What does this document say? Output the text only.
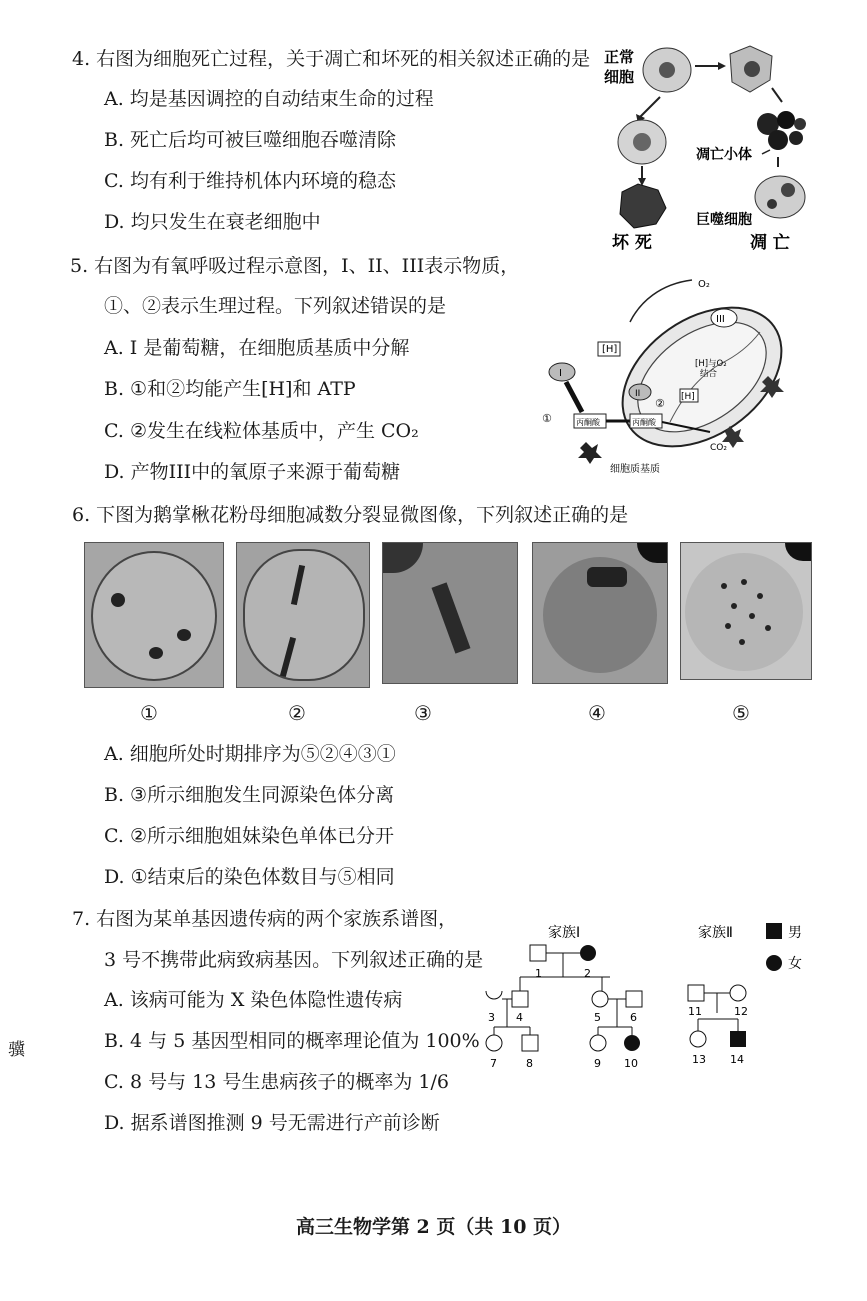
4. 右图为细胞死亡过程，关于凋亡和坏死的相关叙述正确的是
A. 均是基因调控的自动结束生命的过程
B. 死亡后均可被巨噬细胞吞噬清除
C. 均有利于维持机体内环境的稳态
D. 均只发生在衰老细胞中
正常
细胞
凋亡小体
巨噬细胞
坏 死	凋 亡
5. 右图为有氧呼吸过程示意图，I、II、III表示物质，
①、②表示生理过程。下列叙述错误的是
A. I 是葡萄糖，在细胞质基质中分解
B. ①和②均能产生[H]和 ATP
C. ②发生在线粒体基质中，产生 CO₂
D. 产物III中的氧原子来源于葡萄糖
O₂
III
[H]
[H]与O₂
结合
I
①	丙酮酸	丙酮酸
II
② [H]
CO₂
细胞质基质
6. 下图为鹅掌楸花粉母细胞减数分裂显微图像，下列叙述正确的是
①	②	③	④	⑤
A. 细胞所处时期排序为⑤②④③①
B. ③所示细胞发生同源染色体分离
C. ②所示细胞姐妹染色单体已分开
D. ①结束后的染色体数目与⑤相同
7. 右图为某单基因遗传病的两个家族系谱图，
3 号不携带此病致病基因。下列叙述正确的是
A. 该病可能为 X 染色体隐性遗传病
B. 4 与 5 基因型相同的概率理论值为 100%
C. 8 号与 13 号生患病孩子的概率为 1/6
D. 据系谱图推测 9 号无需进行产前诊断
家族Ⅰ	家族Ⅱ	男
女
1	2
3 4	5	6
7	8	9 10
11	12
13 14
骥
高三生物学第 2 页（共 10 页）
